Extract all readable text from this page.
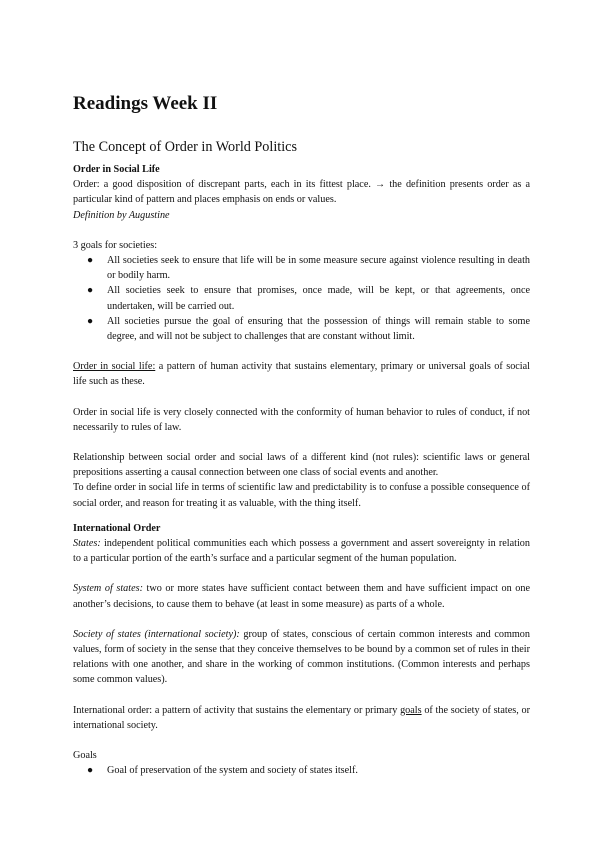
Readings Week II
The Concept of Order in World Politics
Order in Social Life

Order: a good disposition of discrepant parts, each in its fittest place. → the definition presents order as a particular kind of pattern and places emphasis on ends or values.

Definition by Augustine

3 goals for societies:

● All societies seek to ensure that life will be in some measure secure against violence resulting in death or bodily harm.
● All societies seek to ensure that promises, once made, will be kept, or that agreements, once undertaken, will be carried out.
● All societies pursue the goal of ensuring that the possession of things will remain stable to some degree, and will not be subject to challenges that are constant without limit.

Order in social life: a pattern of human activity that sustains elementary, primary or universal goals of social life such as these.

Order in social life is very closely connected with the conformity of human behavior to rules of conduct, if not necessarily to rules of law.

Relationship between social order and social laws of a different kind (not rules): scientific laws or general prepositions asserting a causal connection between one class of social events and another.

To define order in social life in terms of scientific law and predictability is to confuse a possible consequence of social order, and reason for treating it as valuable, with the thing itself.

International Order

States: independent political communities each which possess a government and assert sovereignty in relation to a particular portion of the earth’s surface and a particular segment of the human population.

System of states: two or more states have sufficient contact between them and have sufficient impact on one another’s decisions, to cause them to behave (at least in some measure) as parts of a whole.

Society of states (international society): group of states, conscious of certain common interests and common values, form of society in the sense that they conceive themselves to be bound by a common set of rules in their relations with one another, and share in the working of common institutions. (Common interests and perhaps some common values).

International order: a pattern of activity that sustains the elementary or primary goals of the society of states, or international society.

Goals

● Goal of preservation of the system and society of states itself.
